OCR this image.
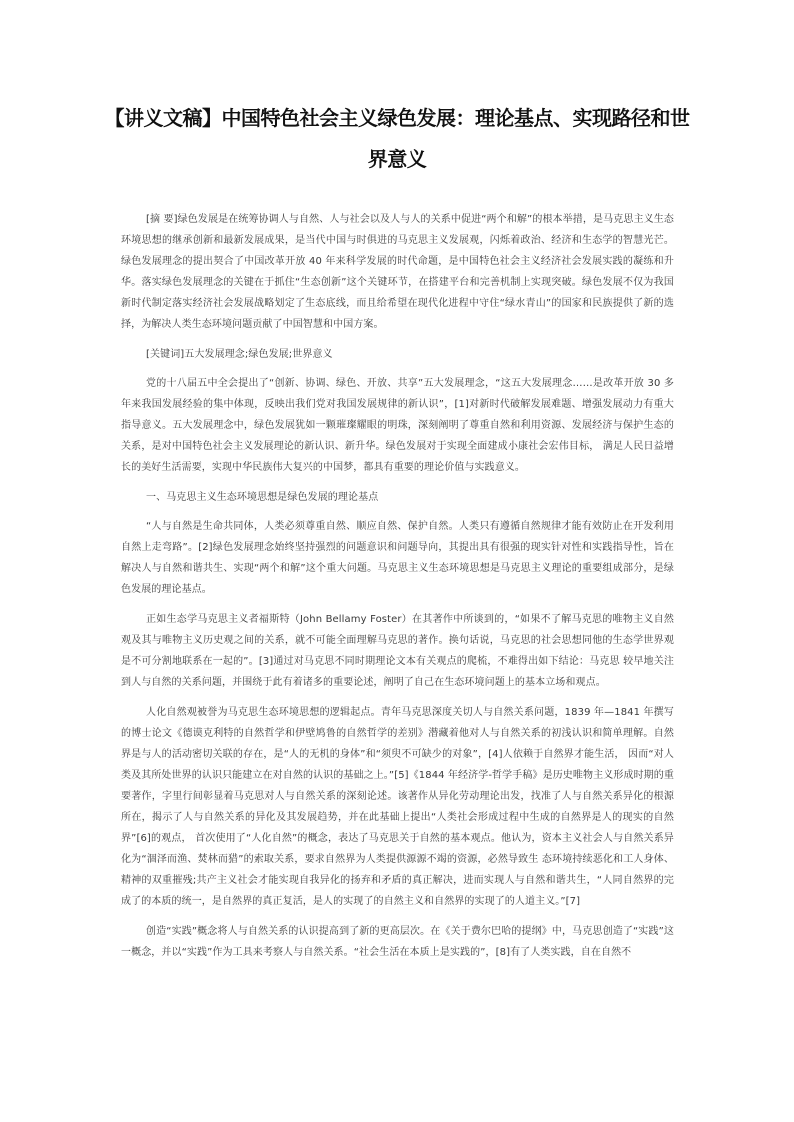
【讲义文稿】中国特色社会主义绿色发展：理论基点、实现路径和世界意义

[摘 要]绿色发展是在统筹协调人与自然、人与社会以及人与人的关系中促进“两个和解”的根本举措，是马克思主义生态环境思想的继承创新和最新发展成果，是当代中国与时俱进的马克思主义发展观，闪烁着政治、经济和生态学的智慧光芒。绿色发展理念的提出契合了中国改革开放 40 年来科学发展的时代命题，是中国特色社会主义经济社会发展实践的凝练和升华。落实绿色发展理念的关键在于抓住“生态创新”这个关键环节，在搭建平台和完善机制上实现突破。绿色发展不仅为我国新时代制定落实经济社会发展战略划定了生态底线，而且给希望在现代化进程中守住“绿水青山”的国家和民族提供了新的选择，为解决人类生态环境问题贡献了中国智慧和中国方案。

[关键词]五大发展理念;绿色发展;世界意义

党的十八届五中全会提出了“创新、协调、绿色、开放、共享”五大发展理念，“这五大发展理念……是改革开放 30 多年来我国发展经验的集中体现，反映出我们党对我国发展规律的新认识”，[1]对新时代破解发展难题、增强发展动力有重大指导意义。五大发展理念中，绿色发展犹如一颗璀璨耀眼的明珠，深刻阐明了尊重自然和利用资源、发展经济与保护生态的关系，是对中国特色社会主义发展理论的新认识、新升华。绿色发展对于实现全面建成小康社会宏伟目标， 满足人民日益增长的美好生活需要，实现中华民族伟大复兴的中国梦，都具有重要的理论价值与实践意义。

一、马克思主义生态环境思想是绿色发展的理论基点

“人与自然是生命共同体，人类必须尊重自然、顺应自然、保护自然。人类只有遵循自然规律才能有效防止在开发利用自然上走弯路”。[2]绿色发展理念始终坚持强烈的问题意识和问题导向，其提出具有很强的现实针对性和实践指导性，旨在解决人与自然和谐共生、实现“两个和解”这个重大问题。马克思主义生态环境思想是马克思主义理论的重要组成部分，是绿色发展的理论基点。

正如生态学马克思主义者福斯特（John Bellamy Foster）在其著作中所谈到的，“如果不了解马克思的唯物主义自然观及其与唯物主义历史观之间的关系，就不可能全面理解马克思的著作。换句话说，马克思的社会思想同他的生态学世界观是不可分割地联系在一起的”。[3]通过对马克思不同时期理论文本有关观点的爬梳，不难得出如下结论：马克思 较早地关注到人与自然的关系问题，并围绕于此有着诸多的重要论述，阐明了自己在生态环境问题上的基本立场和观点。

人化自然观被誉为马克思生态环境思想的逻辑起点。青年马克思深度关切人与自然关系问题，1839 年—1841 年撰写的博士论文《德谟克利特的自然哲学和伊壁鸠鲁的自然哲学的差别》潜藏着他对人与自然关系的初浅认识和简单理解。自然界是与人的活动密切关联的存在，是“人的无机的身体”和“须臾不可缺少的对象”，[4]人依赖于自然界才能生活， 因而“对人类及其所处世界的认识只能建立在对自然的认识的基础之上。”[5]《1844 年经济学-哲学手稿》是历史唯物主义形成时期的重要著作，字里行间彰显着马克思对人与自然关系的深刻论述。该著作从异化劳动理论出发，找准了人与自然关系异化的根源所在，揭示了人与自然关系的异化及其发展趋势，并在此基础上提出“人类社会形成过程中生成的自然界是人的现实的自然界”[6]的观点， 首次使用了“人化自然”的概念，表达了马克思关于自然的基本观点。他认为，资本主义社会人与自然关系异化为“涸泽而渔、焚林而猎”的索取关系，要求自然界为人类提供源源不竭的资源，必然导致生 态环境持续恶化和工人身体、精神的双重摧残;共产主义社会才能实现自我异化的扬弃和矛盾的真正解决，进而实现人与自然和谐共生，“人同自然界的完成了的本质的统一，是自然界的真正复活，是人的实现了的自然主义和自然界的实现了的人道主义。”[7]

创造“实践”概念将人与自然关系的认识提高到了新的更高层次。在《关于费尔巴哈的提纲》中，马克思创造了“实践”这一概念，并以“实践”作为工具来考察人与自然关系。“社会生活在本质上是实践的”，[8]有了人类实践，自在自然不
